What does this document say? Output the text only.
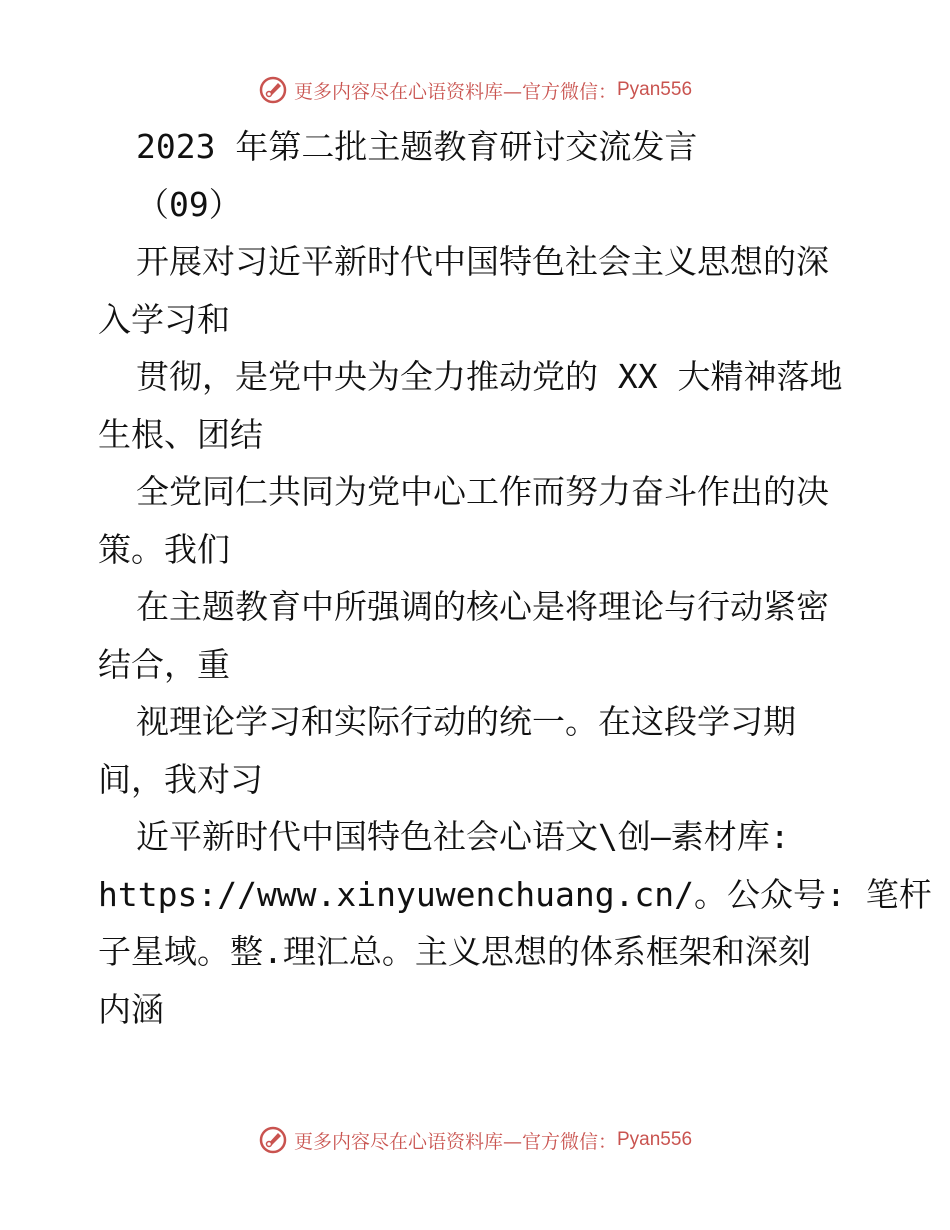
更多内容尽在心语资料库—官方微信： Pyan556
2023 年第二批主题教育研讨交流发言
（09）
开展对习近平新时代中国特色社会主义思想的深
入学习和
贯彻，是党中央为全力推动党的 XX 大精神落地
生根、团结
全党同仁共同为党中心工作而努力奋斗作出的决
策。我们
在主题教育中所强调的核心是将理论与行动紧密
结合，重
视理论学习和实际行动的统一。在这段学习期
间，我对习
近平新时代中国特色社会心语文\创—素材库:
https://www.xinyuwenchuang.cn/。公众号: 笔杆
子星域。整.理汇总。主义思想的体系框架和深刻
内涵
更多内容尽在心语资料库—官方微信： Pyan556
